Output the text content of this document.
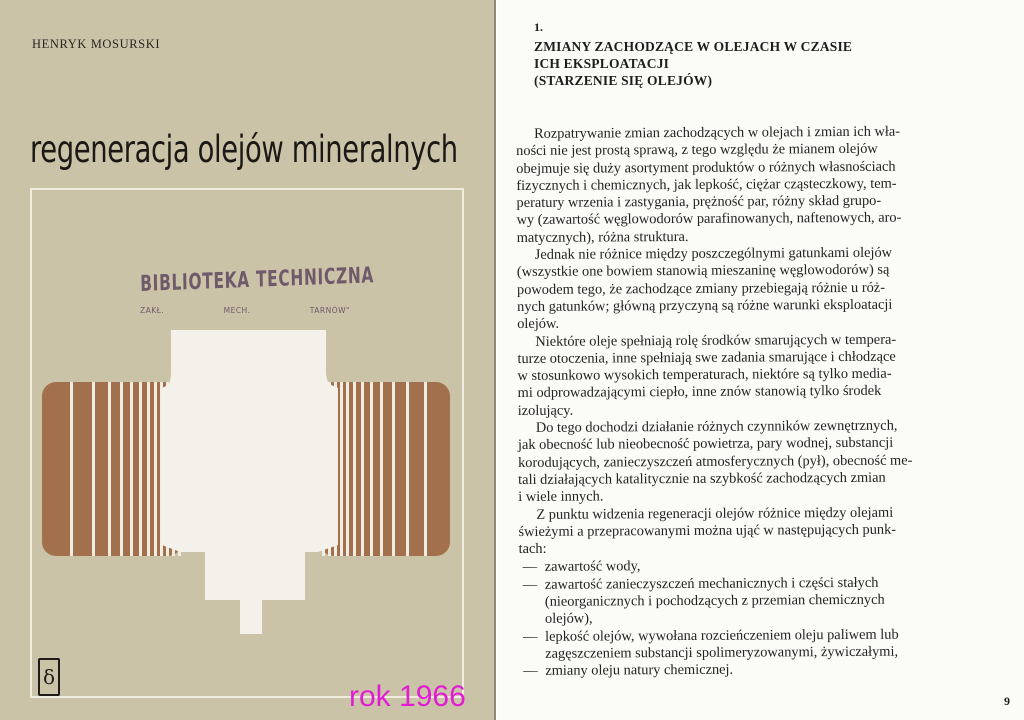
HENRYK MOSURSKI
regeneracja olejów mineralnych
BIBLIOTEKA TECHNICZNA
ZAKŁ.	MECH.	TARNÓW"
δ
rok 1966
1.
ZMIANY ZACHODZĄCE W OLEJACH W CZASIE
ICH EKSPLOATACJI
(STARZENIE SIĘ OLEJÓW)
Rozpatrywanie zmian zachodzących w olejach i zmian ich wła-
ności nie jest prostą sprawą, z tego względu że mianem olejów
obejmuje się duży asortyment produktów o różnych własnościach
fizycznych i chemicznych, jak lepkość, ciężar cząsteczkowy, tem-
peratury wrzenia i zastygania, prężność par, różny skład grupo-
wy (zawartość węglowodorów parafinowanych, naftenowych, aro-
matycznych), różna struktura.
Jednak nie różnice między poszczególnymi gatunkami olejów
(wszystkie one bowiem stanowią mieszaninę węglowodorów) są
powodem tego, że zachodzące zmiany przebiegają różnie u róż-
nych gatunków; główną przyczyną są różne warunki eksploatacji
olejów.
Niektóre oleje spełniają rolę środków smarujących w tempera-
turze otoczenia, inne spełniają swe zadania smarujące i chłodzące
w stosunkowo wysokich temperaturach, niektóre są tylko media-
mi odprowadzającymi ciepło, inne znów stanowią tylko środek
izolujący.
Do tego dochodzi działanie różnych czynników zewnętrznych,
jak obecność lub nieobecność powietrza, pary wodnej, substancji
korodujących, zanieczyszczeń atmosferycznych (pył), obecność me-
tali działających katalitycznie na szybkość zachodzących zmian
i wiele innych.
Z punktu widzenia regeneracji olejów różnice między olejami
świeżymi a przepracowanymi można ująć w następujących punk-
tach:
— zawartość wody,
— zawartość zanieczyszczeń mechanicznych i części stałych
(nieorganicznych i pochodzących z przemian chemicznych
olejów),
— lepkość olejów, wywołana rozcieńczeniem oleju paliwem lub
zagęszczeniem substancji spolimeryzowanymi, żywiczałymi,
— zmiany oleju natury chemicznej.
9
